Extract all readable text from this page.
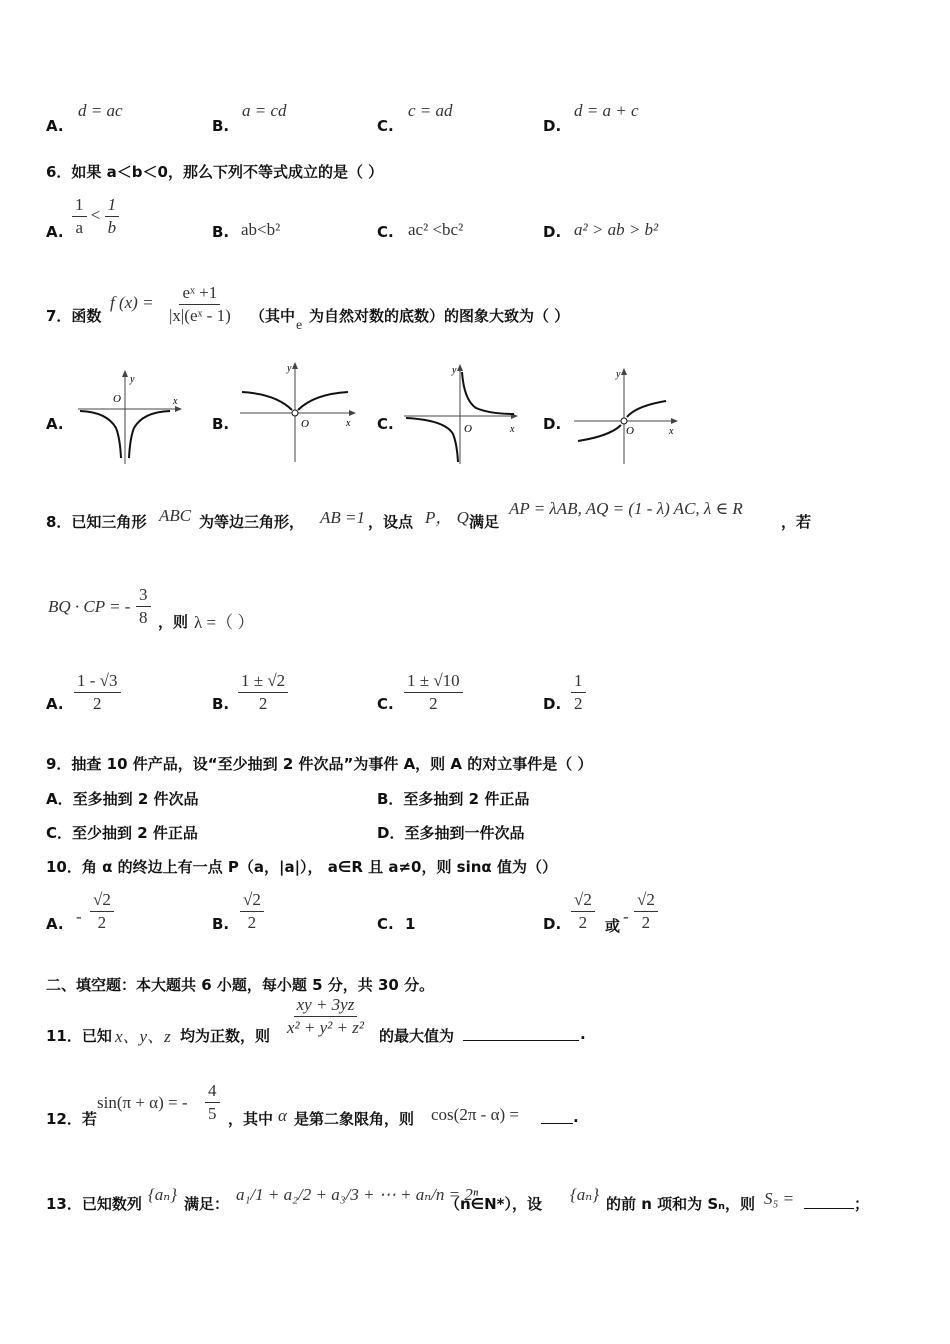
A.
d = ac
B.
a = cd
C.
c = ad
D.
d = a + c
6．如果 a＜b＜0，那么下列不等式成立的是（ ）
A. $\frac{1}{a} < \frac{1}{b}$	B. ab<b²	C. ac² <bc²	D. a² > ab > b²
7．函数
f $(x) = \frac{\text{eˣ +1}}{\text{|x|(eˣ - 1)}}$ （其中
e
为自然对数的底数）的图象大致为（ ）
A.
y
x
O
B.
y
x
O	C.
y
x
O	D.
y
x
O
8．已知三角形 ABC 为等边三角形， AB =1 ，设点 P， Q 满足
AP = λAB, AQ = (1 - λ) AC, λ ∈ R
，若
BQ · CP = - $\frac{3}{8}$ ，则 λ =（ ）
A. $\frac{1 - √3}{2}$	B. $\frac{1 \pm √2}{2}$	C. $\frac{1 \pm √10}{2}$	D. $\frac{1}{2}$
9．抽查 10 件产品，设“至少抽到 2 件次品”为事件 A，则 A 的对立事件是（ ）
A．至多抽到 2 件次品	B．至多抽到 2 件正品
C．至少抽到 2 件正品	D．至多抽到一件次品
10．角 α 的终边上有一点 P（a，|a|）， a∈R 且 a≠0，则 sinα 值为（）
A. - $\frac{√2}{2}$	B. $\frac{√2}{2}$	C. 1	D. $\frac{√2}{2}$ 或 - $\frac{√2}{2}$
二、填空题：本大题共 6 小题，每小题 5 分，共 30 分。
11．已知 x、y、z 均为正数，则 $\frac{xy + 3yz}{\text{x² + y² + z²}}$ 的最大值为	.
12．若
sin(π + α) = - $\frac{4}{5}$ ，其中 α 是第二象限角，则 cos(2π - α) =	.
13．已知数列 {aₙ} 满足： a₁/1 + a₂/2 + a₃/3 + ⋯ + aₙ/n = 2ⁿ
（n∈N*），设 {aₙ} 的前 n 项和为 Sₙ，则 S₅ =	；
